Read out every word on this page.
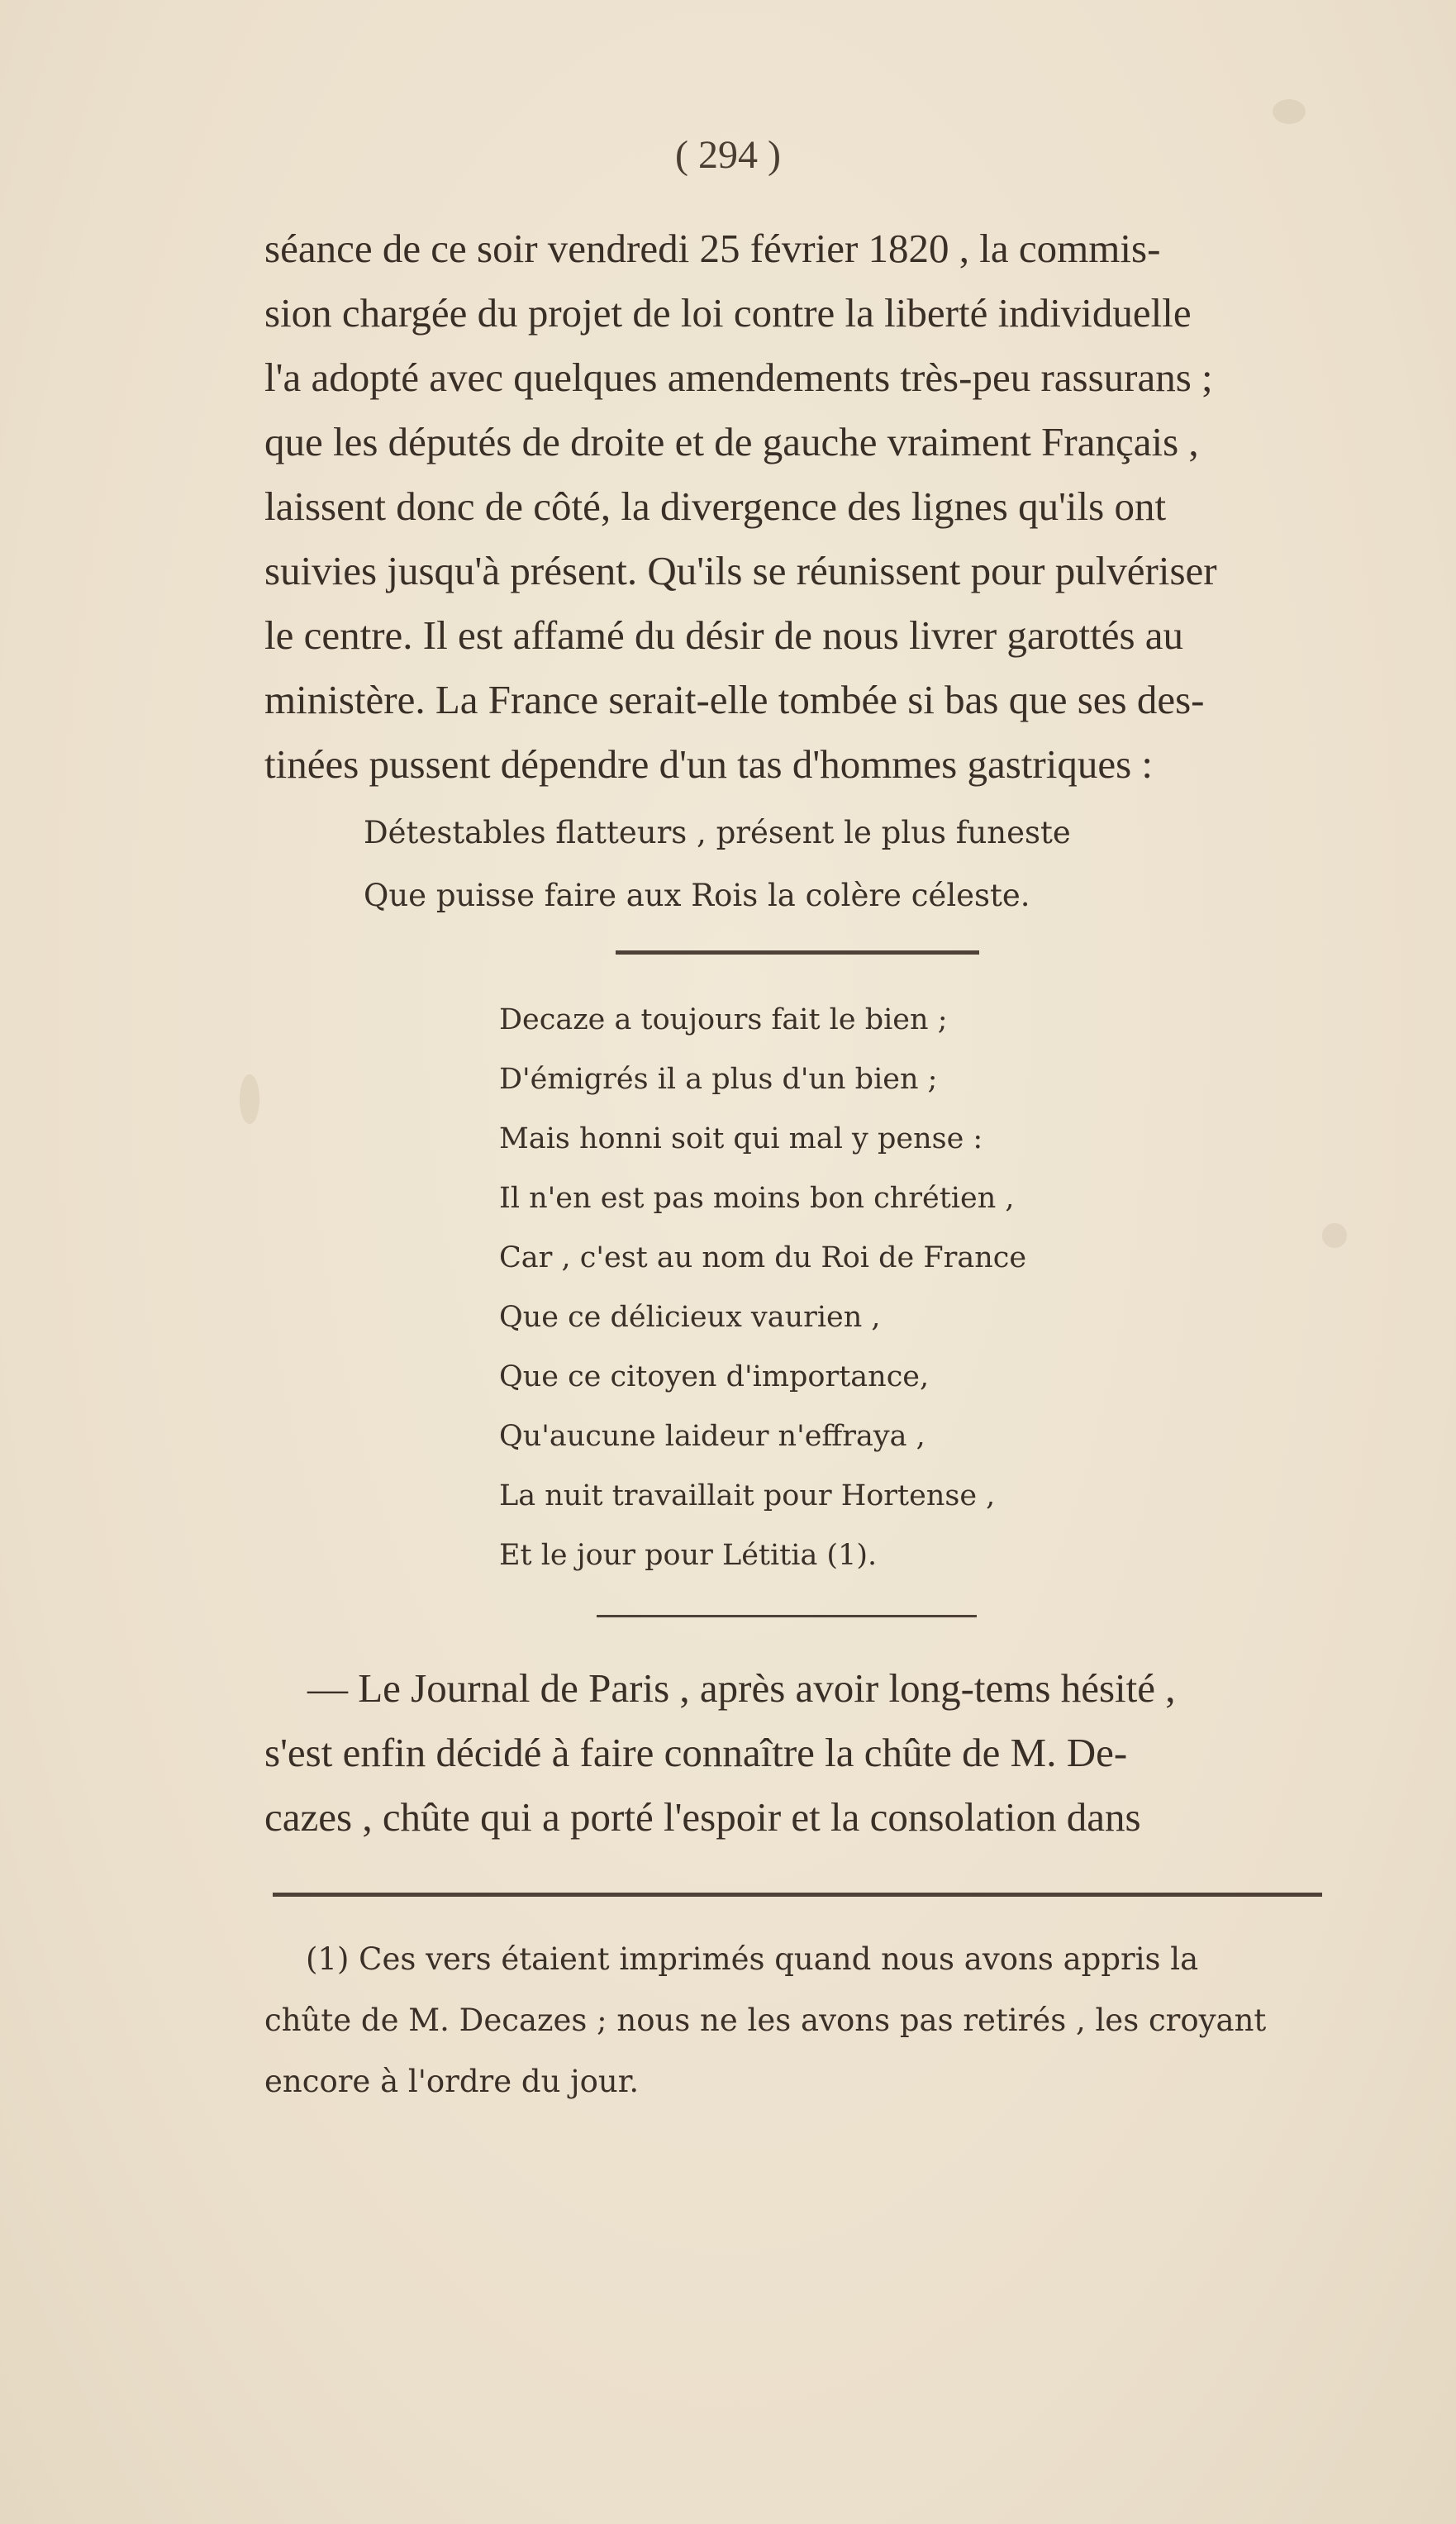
( 294 )

séance de ce soir vendredi 25 février 1820 , la commis-

sion chargée du projet de loi contre la liberté individuelle

l'a adopté avec quelques amendements très-peu rassurans ;

que les députés de droite et de gauche vraiment Français ,

laissent donc de côté, la divergence des lignes qu'ils ont

suivies jusqu'à présent. Qu'ils se réunissent pour pulvériser

le centre. Il est affamé du désir de nous livrer garottés au

ministère. La France serait-elle tombée si bas que ses des-

tinées pussent dépendre d'un tas d'hommes gastriques :

Détestables flatteurs , présent le plus funeste
Que puisse faire aux Rois la colère céleste.
Decaze a toujours fait le bien ;
D'émigrés il a plus d'un bien ;
Mais honni soit qui mal y pense :
Il n'en est pas moins bon chrétien ,
Car , c'est au nom du Roi de France
Que ce délicieux vaurien ,
Que ce citoyen d'importance,
Qu'aucune laideur n'effraya ,
La nuit travaillait pour Hortense ,
Et le jour pour Létitia (1).

— Le Journal de Paris , après avoir long-tems hésité ,

s'est enfin décidé à faire connaître la chûte de M. De-

cazes , chûte qui a porté l'espoir et la consolation dans

(1) Ces vers étaient imprimés quand nous avons appris la
chûte de M. Decazes ; nous ne les avons pas retirés , les croyant
encore à l'ordre du jour.
